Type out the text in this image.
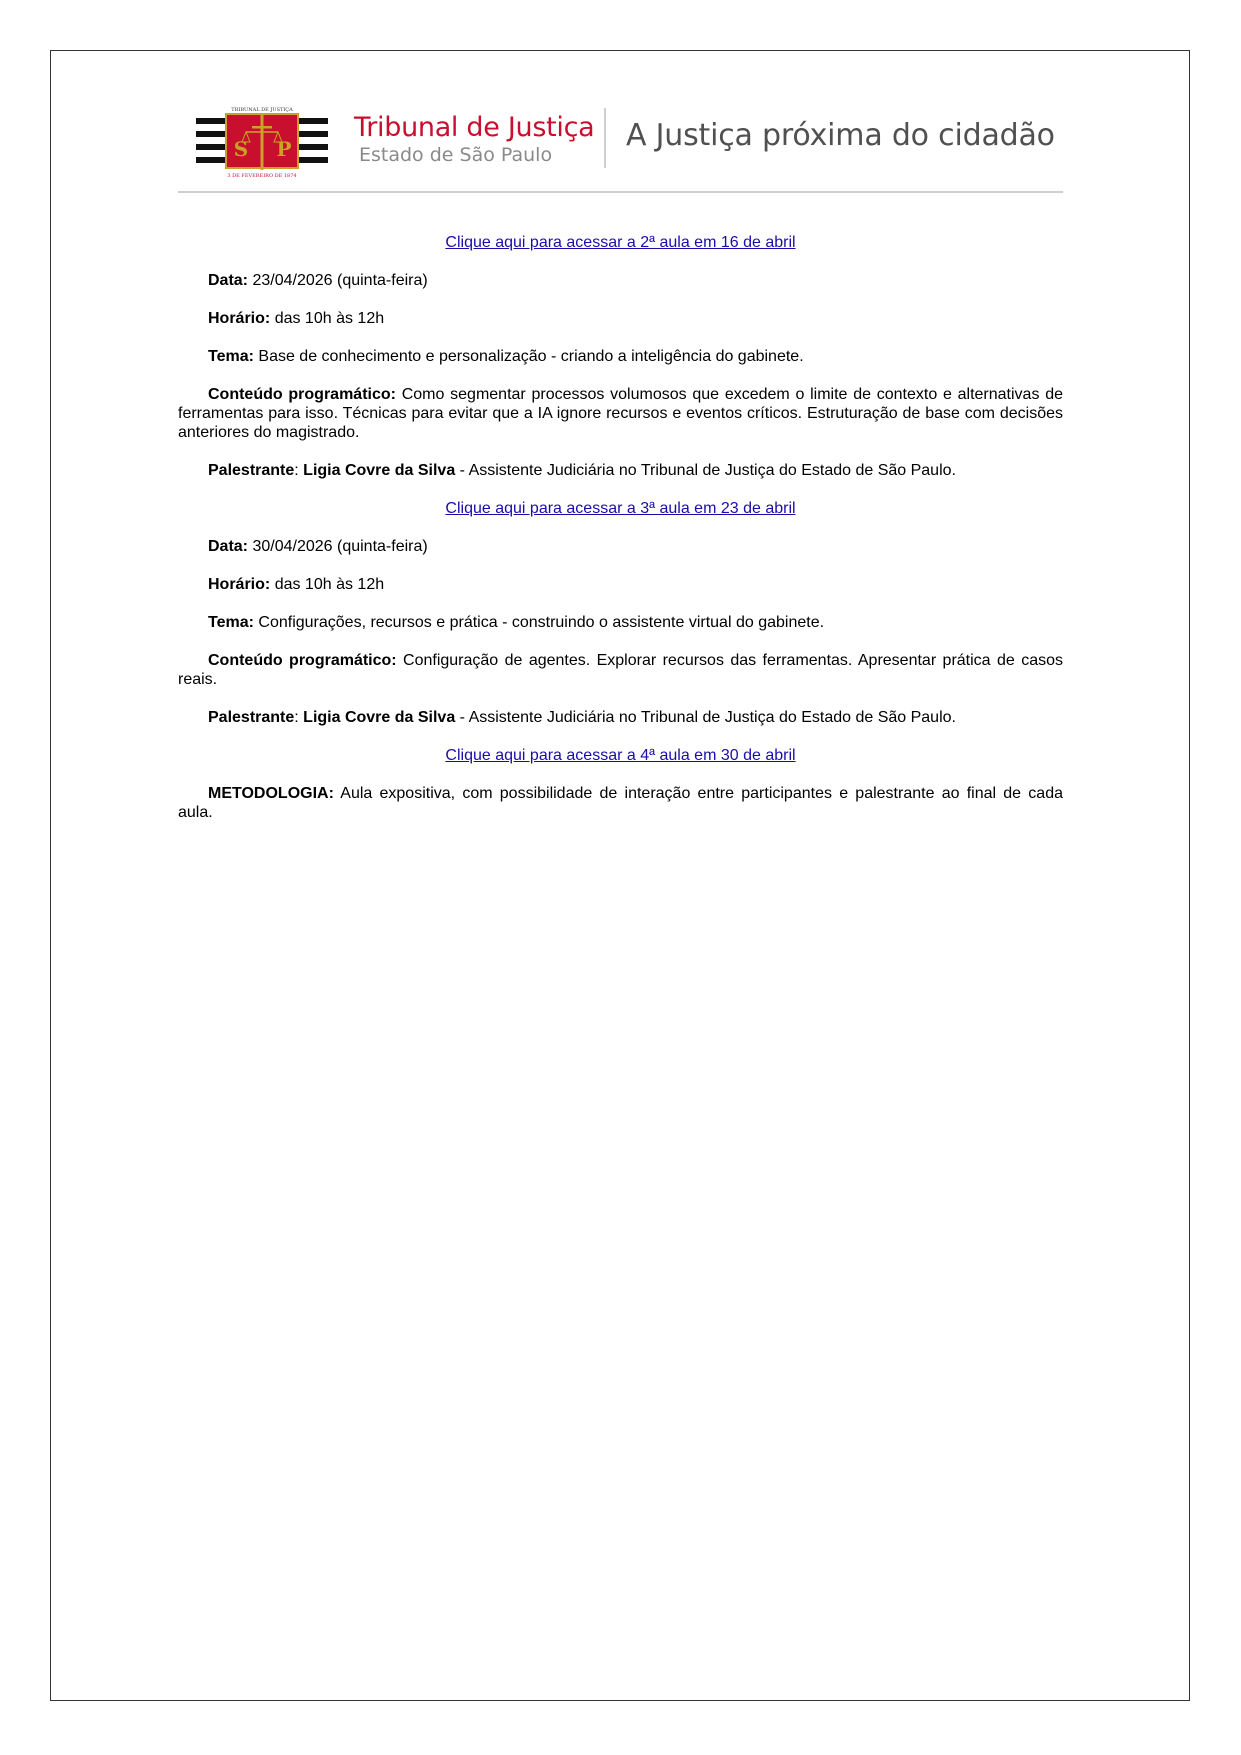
S P
TRIBUNAL DE JUSTIÇA
3 DE FEVEREIRO DE 1874
Tribunal de Justiça
Estado de São Paulo
A Justiça próxima do cidadão

Clique aqui para acessar a 2ª aula em 16 de abril

Data: 23/04/2026 (quinta-feira)

Horário: das 10h às 12h

Tema: Base de conhecimento e personalização - criando a inteligência do gabinete.

Conteúdo programático: Como segmentar processos volumosos que excedem o limite de contexto e alternativas de ferramentas para isso. Técnicas para evitar que a IA ignore recursos e eventos críticos. Estruturação de base com decisões anteriores do magistrado.

Palestrante: Ligia Covre da Silva - Assistente Judiciária no Tribunal de Justiça do Estado de São Paulo.

Clique aqui para acessar a 3ª aula em 23 de abril

Data: 30/04/2026 (quinta-feira)

Horário: das 10h às 12h

Tema: Configurações, recursos e prática - construindo o assistente virtual do gabinete.

Conteúdo programático: Configuração de agentes. Explorar recursos das ferramentas. Apresentar prática de casos reais.

Palestrante: Ligia Covre da Silva - Assistente Judiciária no Tribunal de Justiça do Estado de São Paulo.

Clique aqui para acessar a 4ª aula em 30 de abril

METODOLOGIA: Aula expositiva, com possibilidade de interação entre participantes e palestrante ao final de cada aula.
